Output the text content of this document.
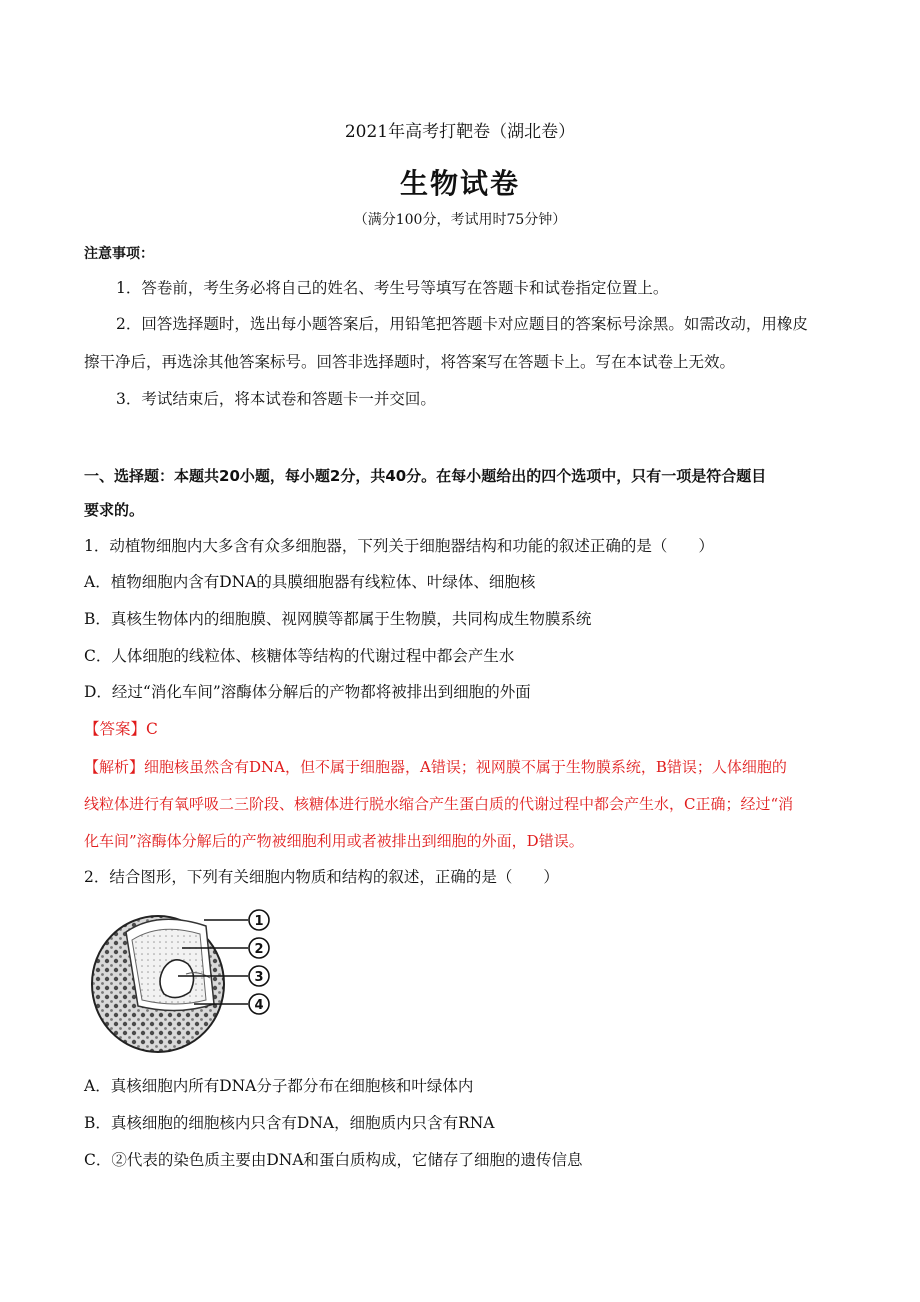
2021年高考打靶卷（湖北卷）
生物试卷
（满分100分，考试用时75分钟）
注意事项：
1．答卷前，考生务必将自己的姓名、考生号等填写在答题卡和试卷指定位置上。
2．回答选择题时，选出每小题答案后，用铅笔把答题卡对应题目的答案标号涂黑。如需改动，用橡皮
擦干净后，再选涂其他答案标号。回答非选择题时，将答案写在答题卡上。写在本试卷上无效。
3．考试结束后，将本试卷和答题卡一并交回。
一、选择题：本题共20小题，每小题2分，共40分。在每小题给出的四个选项中，只有一项是符合题目
要求的。
1．动植物细胞内大多含有众多细胞器，下列关于细胞器结构和功能的叙述正确的是（　　）
A．植物细胞内含有DNA的具膜细胞器有线粒体、叶绿体、细胞核
B．真核生物体内的细胞膜、视网膜等都属于生物膜，共同构成生物膜系统
C．人体细胞的线粒体、核糖体等结构的代谢过程中都会产生水
D．经过“消化车间”溶酶体分解后的产物都将被排出到细胞的外面
【答案】C
【解析】细胞核虽然含有DNA，但不属于细胞器，A错误；视网膜不属于生物膜系统，B错误；人体细胞的
线粒体进行有氧呼吸二三阶段、核糖体进行脱水缩合产生蛋白质的代谢过程中都会产生水，C正确；经过“消
化车间”溶酶体分解后的产物被细胞利用或者被排出到细胞的外面，D错误。
2．结合图形，下列有关细胞内物质和结构的叙述，正确的是（　　）
1
2
3
4
A．真核细胞内所有DNA分子都分布在细胞核和叶绿体内
B．真核细胞的细胞核内只含有DNA，细胞质内只含有RNA
C．②代表的染色质主要由DNA和蛋白质构成，它储存了细胞的遗传信息
